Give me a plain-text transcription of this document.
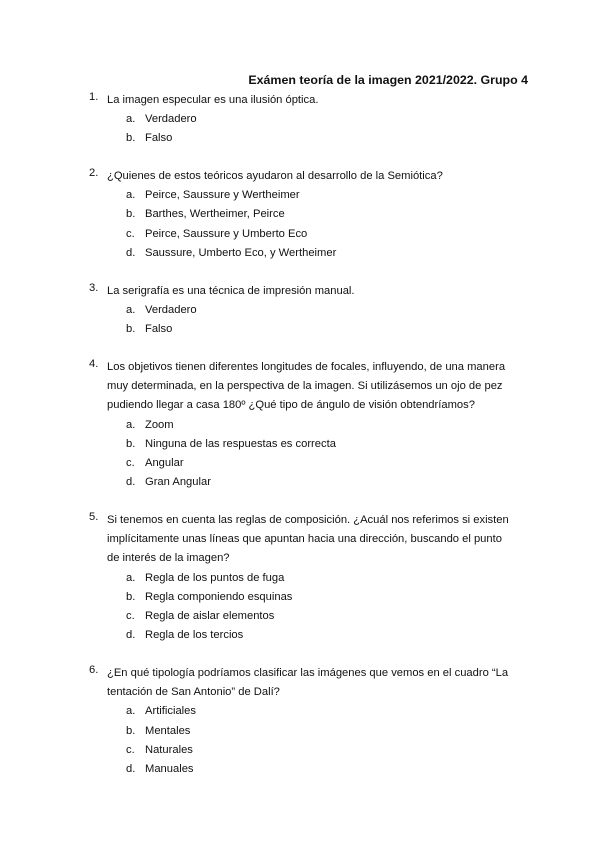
Exámen teoría de la imagen 2021/2022. Grupo 4
1. La imagen especular es una ilusión óptica.
a. Verdadero
b. Falso
2. ¿Quienes de estos teóricos ayudaron al desarrollo de la Semiótica?
a. Peirce, Saussure y Wertheimer
b. Barthes, Wertheimer, Peirce
c. Peirce, Saussure y Umberto Eco
d. Saussure, Umberto Eco, y Wertheimer
3. La serigrafía es una técnica de impresión manual.
a. Verdadero
b. Falso
4. Los objetivos tienen diferentes longitudes de focales, influyendo, de una manera muy determinada, en la perspectiva de la imagen. Si utilizásemos un ojo de pez pudiendo llegar a casa 180º ¿Qué tipo de ángulo de visión obtendríamos?
a. Zoom
b. Ninguna de las respuestas es correcta
c. Angular
d. Gran Angular
5. Si tenemos en cuenta las reglas de composición. ¿Acuál nos referimos si existen implícitamente unas líneas que apuntan hacia una dirección, buscando el punto de interés de la imagen?
a. Regla de los puntos de fuga
b. Regla componiendo esquinas
c. Regla de aislar elementos
d. Regla de los tercios
6. ¿En qué tipología podríamos clasificar las imágenes que vemos en el cuadro “La tentación de San Antonio” de Dalí?
a. Artificiales
b. Mentales
c. Naturales
d. Manuales
